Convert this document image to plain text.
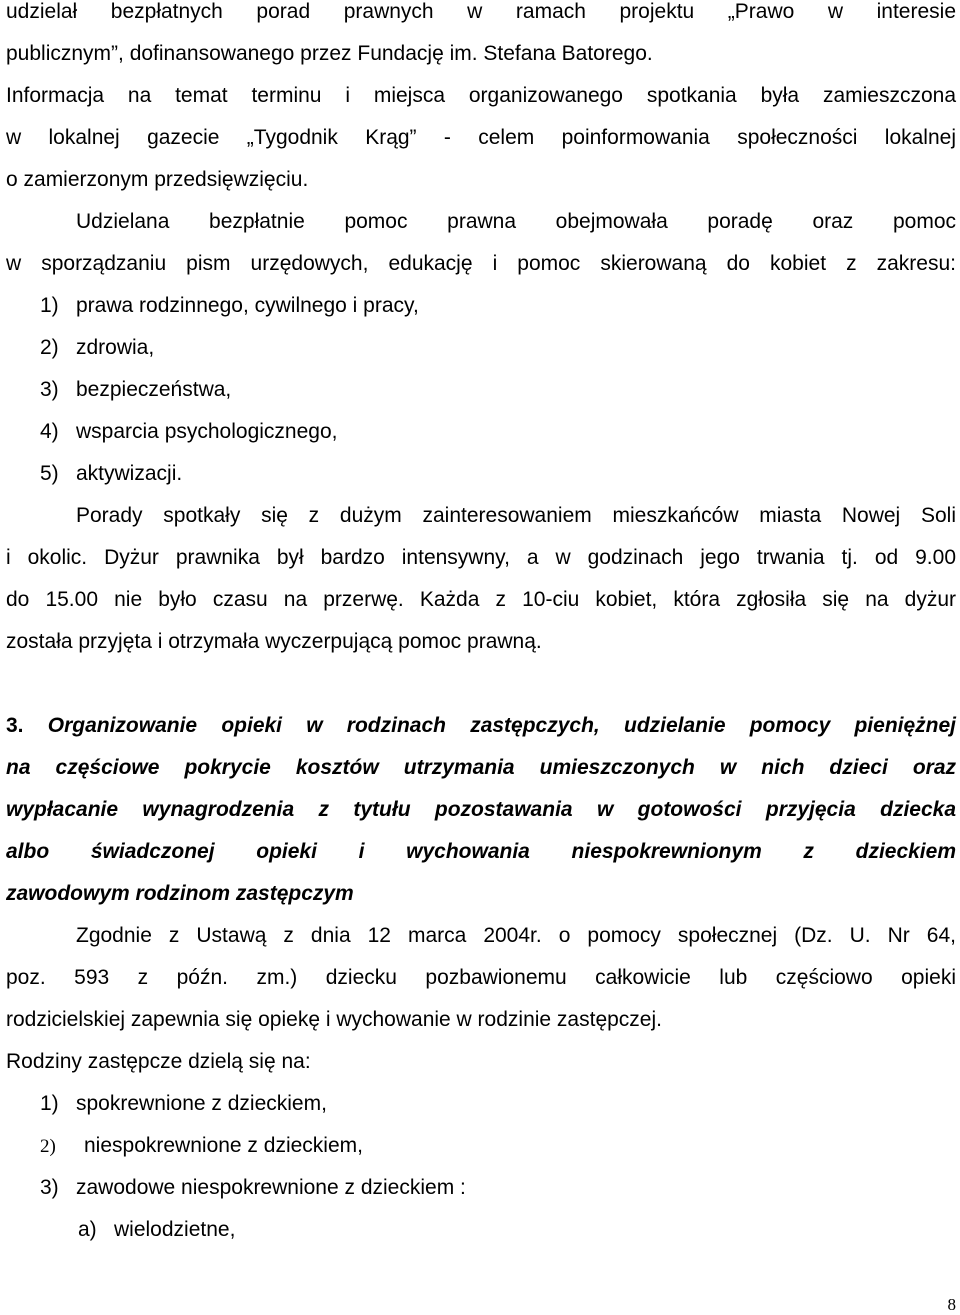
udzielał bezpłatnych porad prawnych w ramach projektu „Prawo w interesie
publicznym”, dofinansowanego przez Fundację im. Stefana Batorego.
Informacja na temat terminu i miejsca organizowanego spotkania była zamieszczona
w lokalnej gazecie „Tygodnik Krąg” - celem poinformowania społeczności lokalnej
o zamierzonym przedsięwzięciu.
Udzielana bezpłatnie pomoc prawna obejmowała poradę oraz pomoc
w sporządzaniu pism urzędowych, edukację i pomoc skierowaną do kobiet z zakresu:
1) prawa rodzinnego, cywilnego i pracy,
2) zdrowia,
3) bezpieczeństwa,
4) wsparcia psychologicznego,
5) aktywizacji.
Porady spotkały się z dużym zainteresowaniem mieszkańców miasta Nowej Soli
i okolic. Dyżur prawnika był bardzo intensywny, a w godzinach jego trwania tj. od 9.00
do 15.00 nie było czasu na przerwę. Każda z 10-ciu kobiet, która zgłosiła się na dyżur
została przyjęta i otrzymała wyczerpującą pomoc prawną.
3. Organizowanie opieki w rodzinach zastępczych, udzielanie pomocy pieniężnej
na częściowe pokrycie kosztów utrzymania umieszczonych w nich dzieci oraz
wypłacanie wynagrodzenia z tytułu pozostawania w gotowości przyjęcia dziecka
albo świadczonej opieki i wychowania niespokrewnionym z dzieckiem
zawodowym rodzinom zastępczym
Zgodnie z Ustawą z dnia 12 marca 2004r. o pomocy społecznej (Dz. U. Nr 64,
poz. 593 z późn. zm.) dziecku pozbawionemu całkowicie lub częściowo opieki
rodzicielskiej zapewnia się opiekę i wychowanie w rodzinie zastępczej.
Rodziny zastępcze dzielą się na:
1) spokrewnione z dzieckiem,
2) niespokrewnione z dzieckiem,
3) zawodowe niespokrewnione z dzieckiem :
a) wielodzietne,
8
